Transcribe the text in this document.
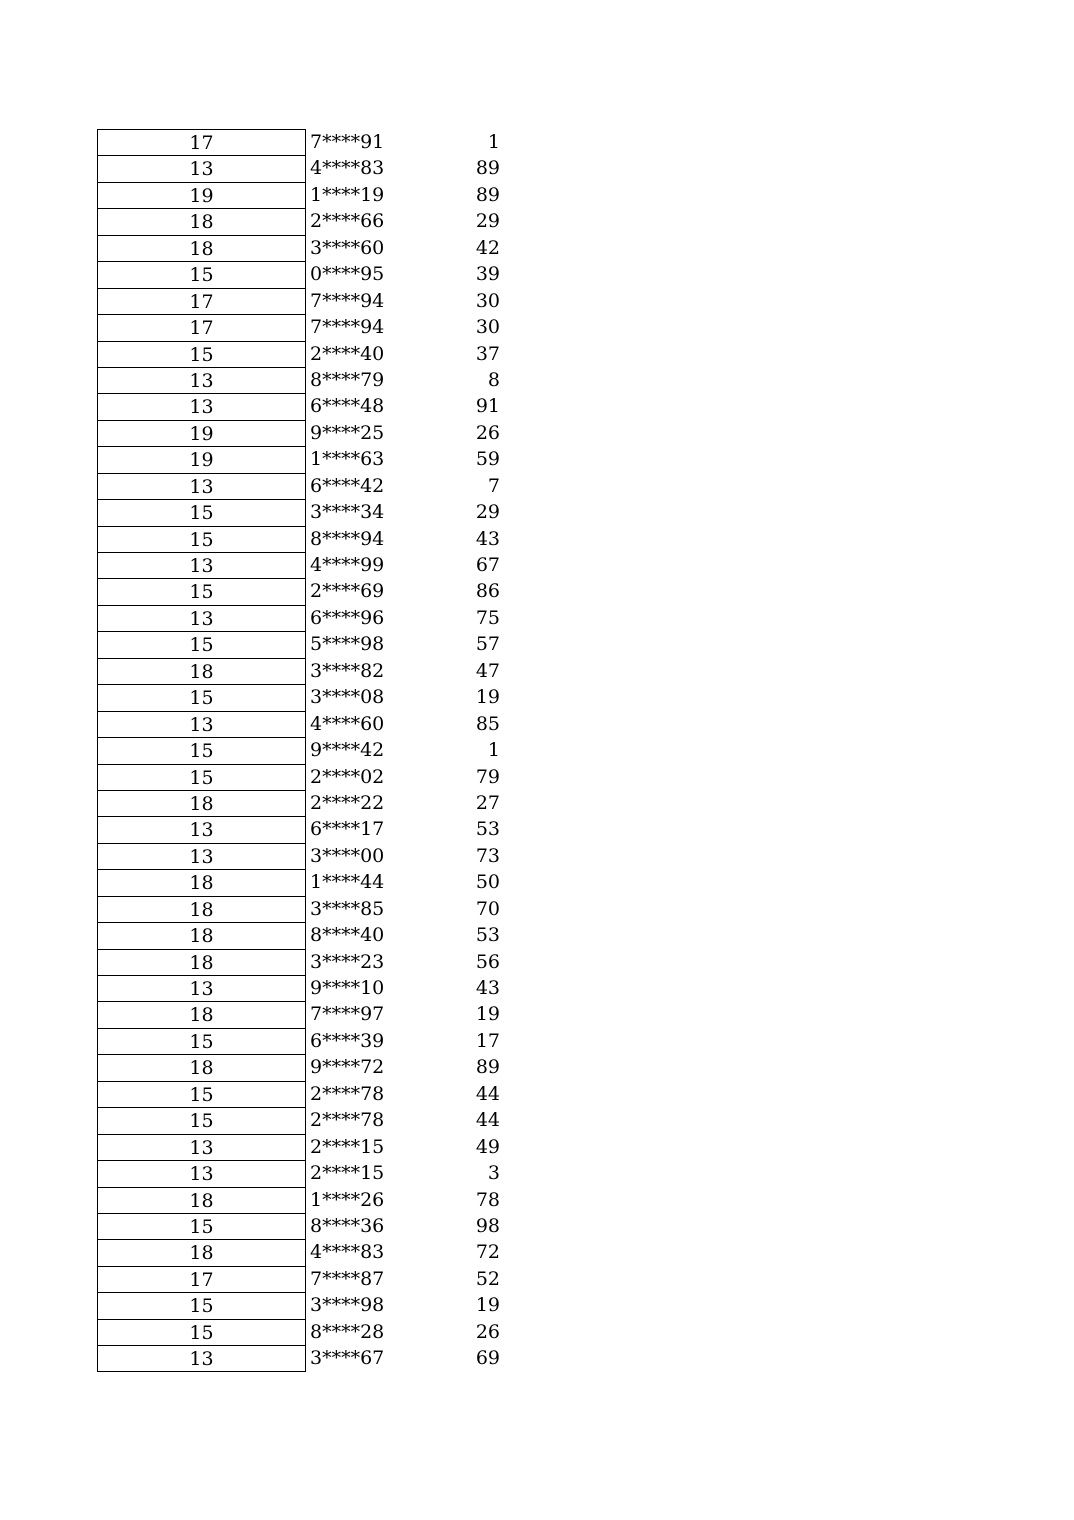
17	7****91	1
13	4****83	89
19	1****19	89
18	2****66	29
18	3****60	42
15	0****95	39
17	7****94	30
17	7****94	30
15	2****40	37
13	8****79	8
13	6****48	91
19	9****25	26
19	1****63	59
13	6****42	7
15	3****34	29
15	8****94	43
13	4****99	67
15	2****69	86
13	6****96	75
15	5****98	57
18	3****82	47
15	3****08	19
13	4****60	85
15	9****42	1
15	2****02	79
18	2****22	27
13	6****17	53
13	3****00	73
18	1****44	50
18	3****85	70
18	8****40	53
18	3****23	56
13	9****10	43
18	7****97	19
15	6****39	17
18	9****72	89
15	2****78	44
15	2****78	44
13	2****15	49
13	2****15	3
18	1****26	78
15	8****36	98
18	4****83	72
17	7****87	52
15	3****98	19
15	8****28	26
13	3****67	69
